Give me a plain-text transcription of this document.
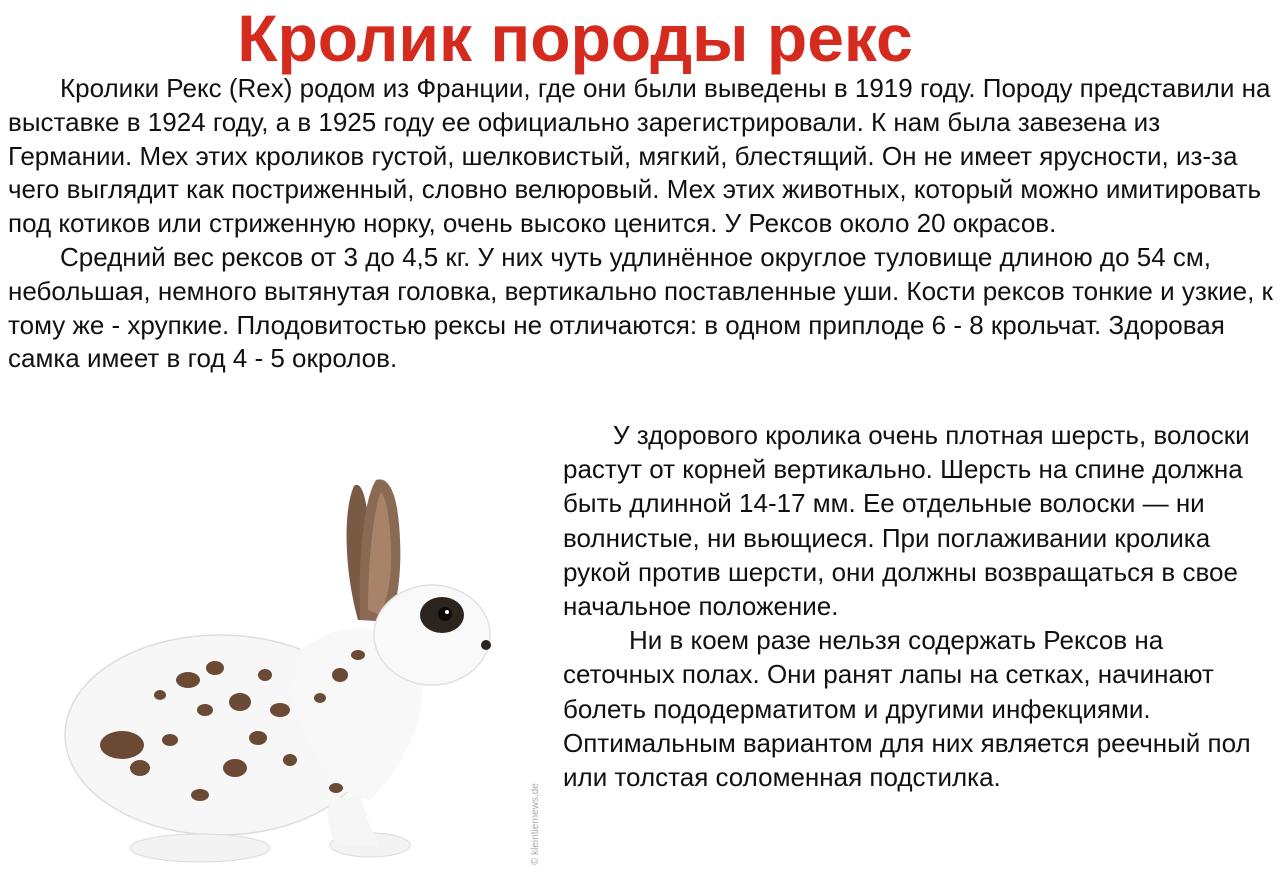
Кролик породы рекс

Кролики Рекс (Rex) родом из Франции, где они были выведены в 1919 году. Породу представили на выставке в 1924 году, а в 1925 году ее официально зарегистрировали. К нам была завезена из Германии. Мех этих кроликов густой, шелковистый, мягкий, блестящий. Он не имеет ярусности, из-за чего выглядит как постриженный, словно велюровый. Мех этих животных, который можно имитировать под котиков или стриженную норку, очень высоко ценится. У Рексов около 20 окрасов.

Средний вес рексов от 3 до 4,5 кг. У них чуть удлинённое округлое туловище длиною до 54 см, небольшая, немного вытянутая головка, вертикально поставленные уши. Кости рексов тонкие и узкие, к тому же - хрупкие. Плодовитостью рексы не отличаются: в одном приплоде 6 - 8 крольчат. Здоровая самка имеет в год 4 - 5 окролов.

© kleintiernews.de

У здорового кролика очень плотная шерсть, волоски растут от корней вертикально. Шерсть на спине должна быть длинной 14-17 мм. Ее отдельные волоски — ни волнистые, ни вьющиеся. При поглаживании кролика рукой против шерсти, они должны возвращаться в свое начальное положение.

Ни в коем разе нельзя содержать Рексов на сеточных полах. Они ранят лапы на сетках, начинают болеть пододерматитом и другими инфекциями. Оптимальным вариантом для них является реечный пол или толстая соломенная подстилка.
